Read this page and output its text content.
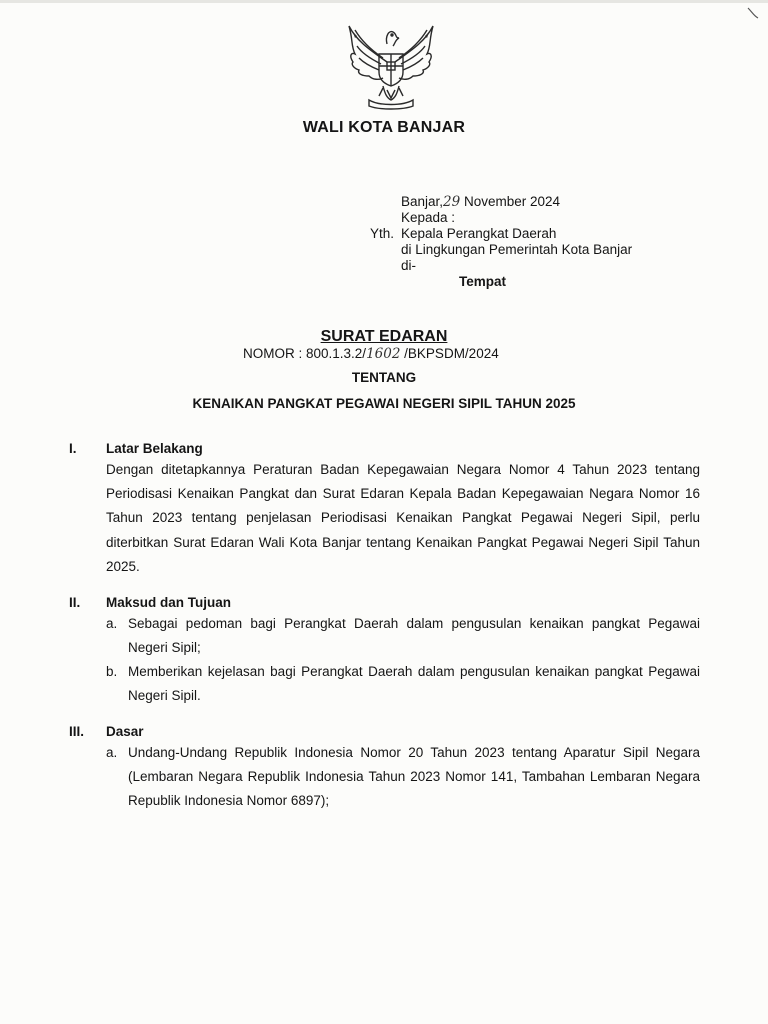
WALI KOTA BANJAR
Banjar,29 November 2024
Kepada :
Yth. Kepala Perangkat Daerah
di Lingkungan Pemerintah Kota Banjar
di-
Tempat
SURAT EDARAN
NOMOR : 800.1.3.2/1602 /BKPSDM/2024
TENTANG
KENAIKAN PANGKAT PEGAWAI NEGERI SIPIL TAHUN 2025
I. Latar Belakang
Dengan ditetapkannya Peraturan Badan Kepegawaian Negara Nomor 4 Tahun 2023 tentang Periodisasi Kenaikan Pangkat dan Surat Edaran Kepala Badan Kepegawaian Negara Nomor 16 Tahun 2023 tentang penjelasan Periodisasi Kenaikan Pangkat Pegawai Negeri Sipil, perlu diterbitkan Surat Edaran Wali Kota Banjar tentang Kenaikan Pangkat Pegawai Negeri Sipil Tahun 2025.
II. Maksud dan Tujuan
a. Sebagai pedoman bagi Perangkat Daerah dalam pengusulan kenaikan pangkat Pegawai Negeri Sipil;
b. Memberikan kejelasan bagi Perangkat Daerah dalam pengusulan kenaikan pangkat Pegawai Negeri Sipil.
III. Dasar
a. Undang-Undang Republik Indonesia Nomor 20 Tahun 2023 tentang Aparatur Sipil Negara (Lembaran Negara Republik Indonesia Tahun 2023 Nomor 141, Tambahan Lembaran Negara Republik Indonesia Nomor 6897);
